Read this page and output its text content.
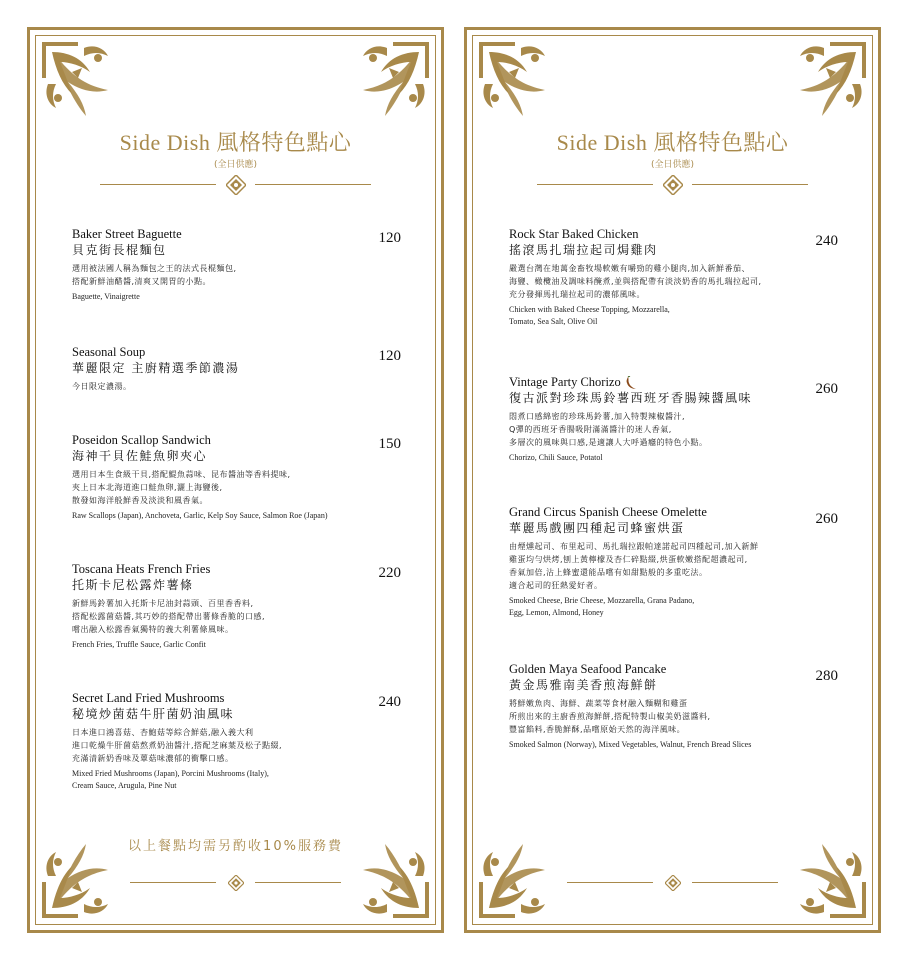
Side Dish 風格特色點心
(全日供應)
Baker Street Baguette
貝克街長棍麵包
選用被法國人稱為麵包之王的法式長棍麵包,
搭配新鮮油醋醬,清爽又開胃的小點。
Baguette, Vinaigrette
120
Seasonal Soup
華麗限定 主廚精選季節濃湯
今日限定濃湯。
120
Poseidon Scallop Sandwich
海神干貝佐鮭魚卵夾心
選用日本生食級干貝,搭配鯷魚蒜味、昆布醬油等香料提味,
夾上日本北海道進口鮭魚卵,灑上海鹽後,
散發如海洋般鮮香及淡淡和風香氣。
Raw Scallops (Japan), Anchoveta, Garlic, Kelp Soy Sauce, Salmon Roe (Japan)
150
Toscana Heats French Fries
托斯卡尼松露炸薯條
新鮮馬鈴薯加入托斯卡尼油封蒜頭、百里香香料,
搭配松露菌菇醬,其巧妙的搭配帶出薯條香脆的口感,
嚐出融入松露香氣獨特的義大利薯條風味。
French Fries, Truffle Sauce, Garlic Confit
220
Secret Land Fried Mushrooms
秘境炒菌菇牛肝菌奶油風味
日本進口鴻喜菇、杏鮑菇等綜合鮮菇,融入義大利
進口乾燥牛肝菌菇熬煮奶油醬汁,搭配芝麻葉及松子點綴,
充滿清新奶香味及蕈菇味濃郁的衝擊口感。
Mixed Fried Mushrooms (Japan), Porcini Mushrooms (Italy),
Cream Sauce, Arugula, Pine Nut
240
以上餐點均需另酌收10%服務費
Side Dish 風格特色點心
(全日供應)
Rock Star Baked Chicken
搖滾馬扎瑞拉起司焗雞肉
嚴選台灣在地萬金畜牧場軟嫩有嚼勁的雞小腿肉,加入新鮮番茄、
海鹽、橄欖油及調味料醃煮,並與搭配帶有淡淡奶香的馬扎瑞拉起司,
充分發揮馬扎瑞拉起司的濃郁風味。
Chicken with Baked Cheese Topping, Mozzarella,
Tomato, Sea Salt, Olive Oil
240
Vintage Party Chorizo
復古派對珍珠馬鈴薯西班牙香腸辣醬風味
悶煮口感綿密的珍珠馬鈴薯,加入特製辣椒醬汁,
Q彈的西班牙香腸吸附滿滿醬汁的迷人香氣,
多層次的風味與口感,是適讓人大呼過癮的特色小點。
Chorizo, Chili Sauce, Potatol
260
Grand Circus Spanish Cheese Omelette
華麗馬戲團四種起司蜂蜜烘蛋
由煙燻起司、布里起司、馬扎瑞拉跟帕達諾起司四種起司,加入新鮮
雞蛋均勻烘烤,刨上黃檸檬及杏仁碎點綴,烘蛋軟嫩搭配超濃起司,
香氣加倍,沾上蜂蜜還能品嚐有如甜點般的多重吃法。
適合起司的狂熱愛好者。
Smoked Cheese, Brie Cheese, Mozzarella, Grana Padano,
Egg, Lemon, Almond, Honey
260
Golden Maya Seafood Pancake
黃金馬雅南美香煎海鮮餅
將鮮嫩魚肉、海鮮、蔬菜等食材融入麵糊和雞蛋
所煎出來的主廚香煎海鮮餅,搭配特製山椒美奶滋醬料,
豐富餡料,香脆鮮酥,品嚐原始天然的海洋風味。
Smoked Salmon (Norway), Mixed Vegetables, Walnut, French Bread Slices
280
